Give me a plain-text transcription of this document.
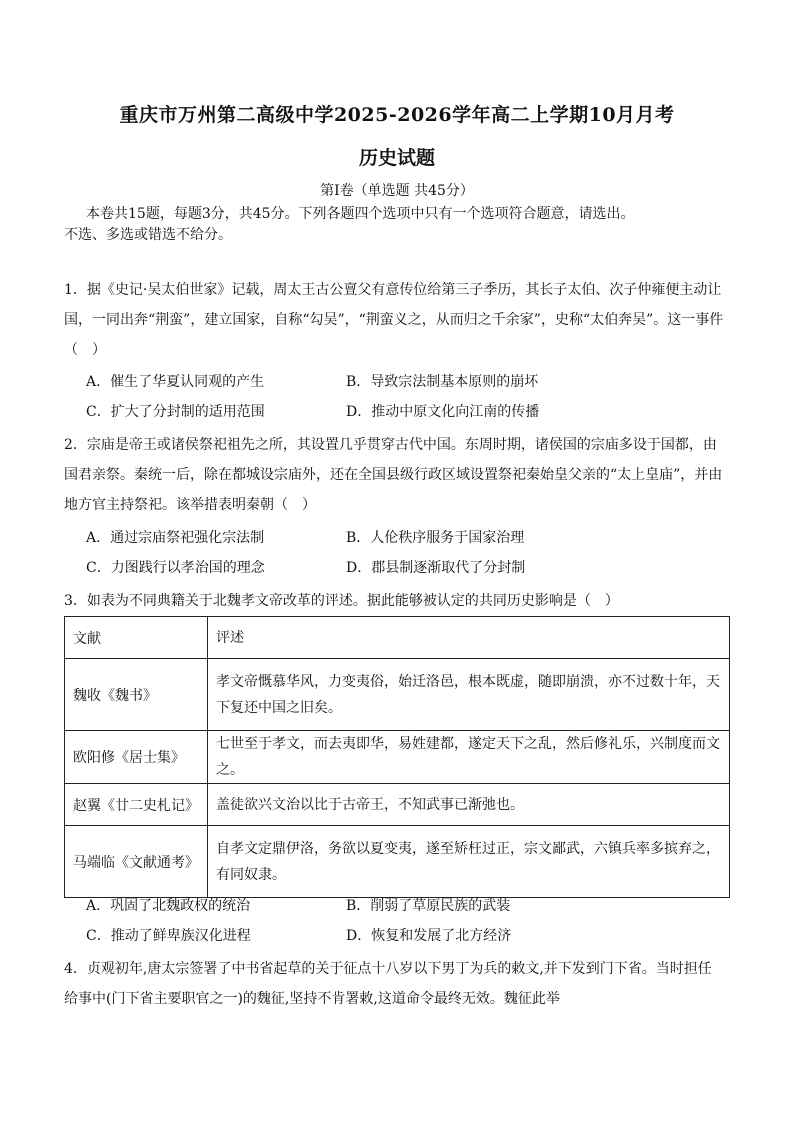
重庆市万州第二高级中学2025-2026学年高二上学期10月月考
历史试题
第Ⅰ卷（单选题 共45分）
本卷共15题，每题3分，共45分。下列各题四个选项中只有一个选项符合题意，请选出。
不选、多选或错选不给分。
1．据《史记·吴太伯世家》记载，周太王古公亶父有意传位给第三子季历，其长子太伯、次子仲雍便主动让
国，一同出奔“荆蛮”，建立国家，自称“勾吴”，“荆蛮义之，从而归之千余家”，史称“太伯奔吴”。这一事件
（　）
A．催生了华夏认同观的产生	B．导致宗法制基本原则的崩坏
C．扩大了分封制的适用范围	D．推动中原文化向江南的传播
2．宗庙是帝王或诸侯祭祀祖先之所，其设置几乎贯穿古代中国。东周时期，诸侯国的宗庙多设于国都，由
国君亲祭。秦统一后，除在都城设宗庙外，还在全国县级行政区域设置祭祀秦始皇父亲的“太上皇庙”，并由
地方官主持祭祀。该举措表明秦朝（　）
A．通过宗庙祭祀强化宗法制	B．人伦秩序服务于国家治理
C．力图践行以孝治国的理念	D．郡县制逐渐取代了分封制
3．如表为不同典籍关于北魏孝文帝改革的评述。据此能够被认定的共同历史影响是（　）
文献	评述
魏收《魏书》	孝文帝慨慕华风，力变夷俗，始迁洛邑，根本既虚，随即崩溃，亦不过数十年，天下复还中国之旧矣。
欧阳修《居士集》	七世至于孝文，而去夷即华，易姓建都，遂定天下之乱，然后修礼乐，兴制度而文之。
赵翼《廿二史札记》	盖徒欲兴文治以比于古帝王，不知武事已渐弛也。
马端临《文献通考》	自孝文定鼎伊洛，务欲以夏变夷，遂至矫枉过正，宗文鄙武，六镇兵率多摈弃之，有同奴隶。
A．巩固了北魏政权的统治	B．削弱了草原民族的武装
C．推动了鲜卑族汉化进程	D．恢复和发展了北方经济
4．贞观初年,唐太宗签署了中书省起草的关于征点十八岁以下男丁为兵的敕文,并下发到门下省。当时担任
给事中(门下省主要职官之一)的魏征,坚持不肯署敕,这道命令最终无效。魏征此举
